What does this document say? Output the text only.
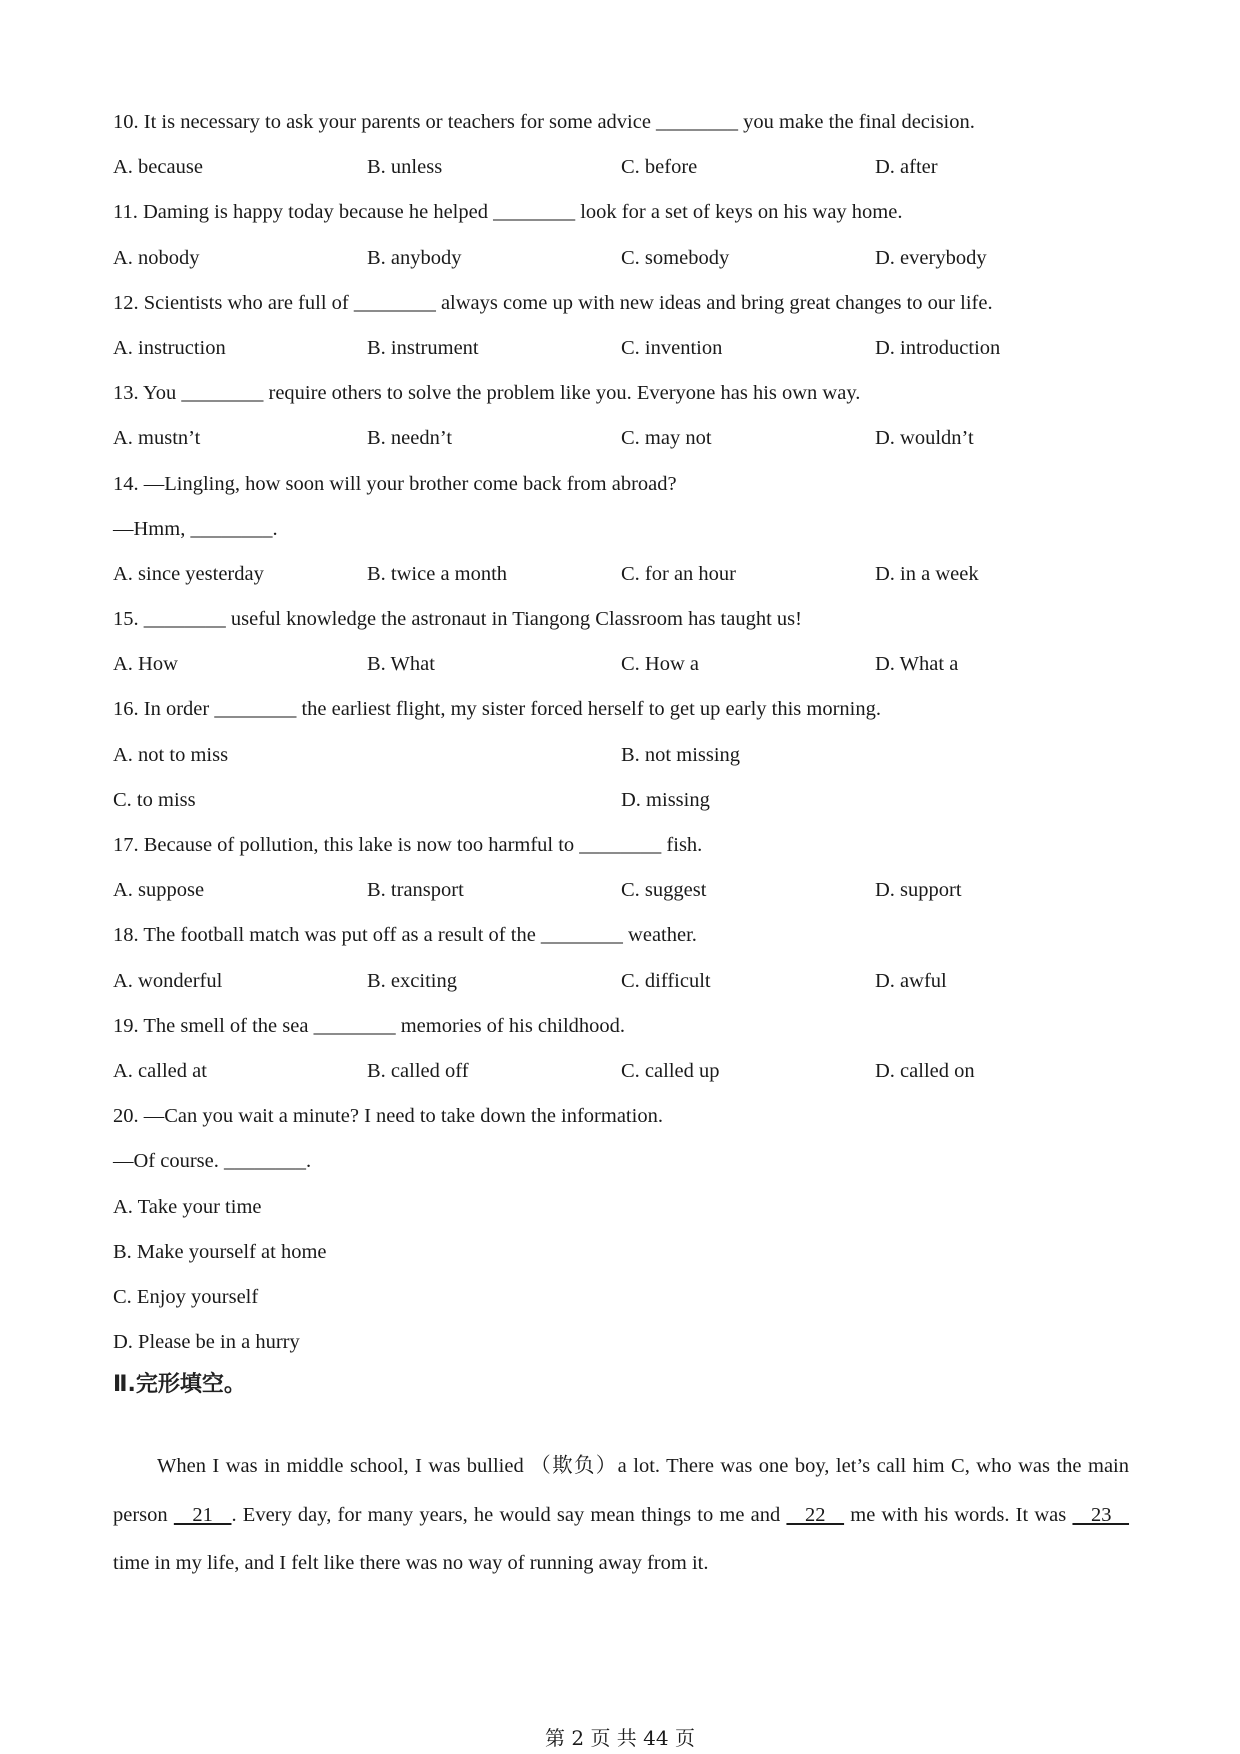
10. It is necessary to ask your parents or teachers for some advice ________ you make the final decision.
A. because	B. unless	C. before	D. after
11. Daming is happy today because he helped ________ look for a set of keys on his way home.
A. nobody	B. anybody	C. somebody	D. everybody
12. Scientists who are full of ________ always come up with new ideas and bring great changes to our life.
A. instruction	B. instrument	C. invention	D. introduction
13. You ________ require others to solve the problem like you. Everyone has his own way.
A. mustn’t	B. needn’t	C. may not	D. wouldn’t
14. —Lingling, how soon will your brother come back from abroad?
—Hmm, ________.
A. since yesterday	B. twice a month	C. for an hour	D. in a week
15. ________ useful knowledge the astronaut in Tiangong Classroom has taught us!
A. How	B. What	C. How a	D. What a
16. In order ________ the earliest flight, my sister forced herself to get up early this morning.
A. not to miss	B. not missing
C. to miss	D. missing
17. Because of pollution, this lake is now too harmful to ________ fish.
A. suppose	B. transport	C. suggest	D. support
18. The football match was put off as a result of the ________ weather.
A. wonderful	B. exciting	C. difficult	D. awful
19. The smell of the sea ________ memories of his childhood.
A. called at	B. called off	C. called up	D. called on
20. —Can you wait a minute? I need to take down the information.
—Of course. ________.
A. Take your time
B. Make yourself at home
C. Enjoy yourself
D. Please be in a hurry
When I was in middle school, I was bullied （欺负）a lot. There was one boy, let’s call him C, who was the main person    21   . Every day, for many years, he would say mean things to me and    22    me with his words. It was    23    time in my life, and I felt like there was no way of running away from it.
Ⅱ.完形填空。
第 2 页 共 44 页
